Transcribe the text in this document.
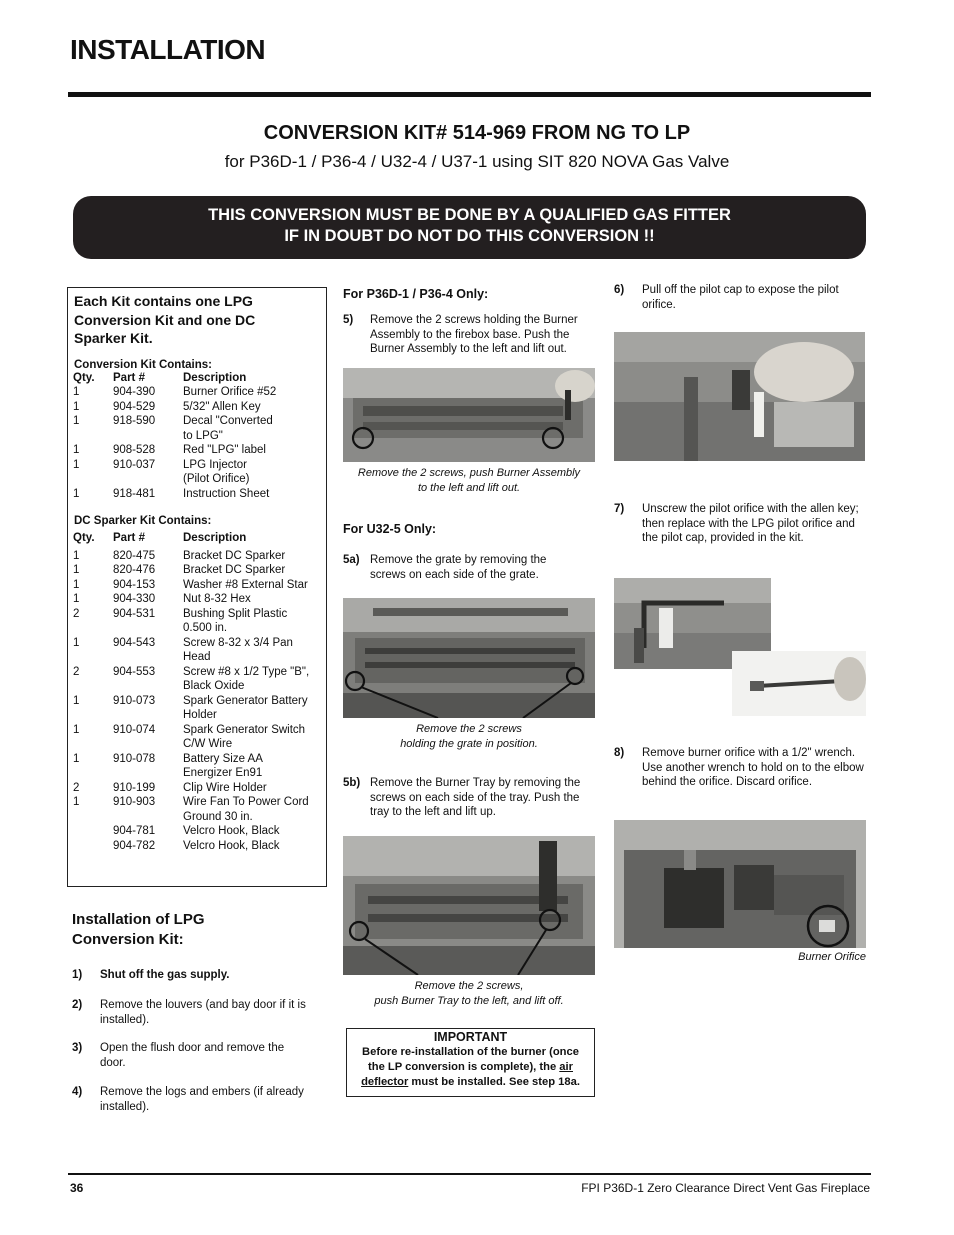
INSTALLATION
CONVERSION KIT# 514-969 FROM NG TO LP
for P36D-1 / P36-4 / U32-4 / U37-1 using SIT 820 NOVA Gas Valve
THIS CONVERSION MUST BE DONE BY A QUALIFIED GAS FITTER
IF IN DOUBT DO NOT DO THIS CONVERSION !!
Each Kit contains one LPG
Conversion Kit and one DC
Sparker Kit.
Conversion Kit Contains:
Qty.	Part #	Description
1	904-390	Burner Orifice #52
1	904-529	5/32" Allen Key
1	918-590	Decal "Converted
		to LPG"
1	908-528	Red "LPG" label
1	910-037	LPG Injector
		(Pilot Orifice)
1	918-481	Instruction Sheet
DC Sparker Kit Contains:
Qty.	Part #	Description
1	820-475	Bracket DC Sparker
1	820-476	Bracket DC Sparker
1	904-153	Washer #8 External Star
1	904-330	Nut 8-32 Hex
2	904-531	Bushing Split Plastic
		0.500 in.
1	904-543	Screw 8-32 x 3/4 Pan
		Head
2	904-553	Screw #8 x 1/2 Type "B",
		Black Oxide
1	910-073	Spark Generator Battery
		Holder
1	910-074	Spark Generator Switch
		C/W Wire
1	910-078	Battery Size AA
		Energizer En91
2	910-199	Clip Wire Holder
1	910-903	Wire Fan To Power Cord
		Ground 30 in.
	904-781	Velcro Hook, Black
	904-782	Velcro Hook, Black
Installation of LPG
Conversion Kit:
1) Shut off the gas supply.
2) Remove the louvers (and bay door if it is installed).
3) Open the flush door and remove the door.
4) Remove the logs and embers (if already installed).
For P36D-1 / P36-4 Only:
5) Remove the 2 screws holding the Burner Assembly to the firebox base. Push the Burner Assembly to the left and lift out.
Remove the 2 screws, push Burner Assembly
to the left and lift out.
For U32-5 Only:
5a) Remove the grate by removing the screws on each side of the grate.
Remove the 2 screws
holding the grate in position.
5b) Remove the Burner Tray by removing the screws on each side of the tray. Push the tray to the left and lift up.
Remove the 2 screws,
push Burner Tray to the left, and lift off.
IMPORTANT
Before re-installation of the burner (once
the LP conversion is complete), the air
deflector must be installed. See step 18a.
6) Pull off the pilot cap to expose the pilot orifice.
7) Unscrew the pilot orifice with the allen key; then replace with the LPG pilot orifice and the pilot cap, provided in the kit.
8) Remove burner orifice with a 1/2" wrench. Use another wrench to hold on to the elbow behind the orifice. Discard orifice.
Burner Orifice
36	FPI P36D-1 Zero Clearance Direct Vent Gas Fireplace
